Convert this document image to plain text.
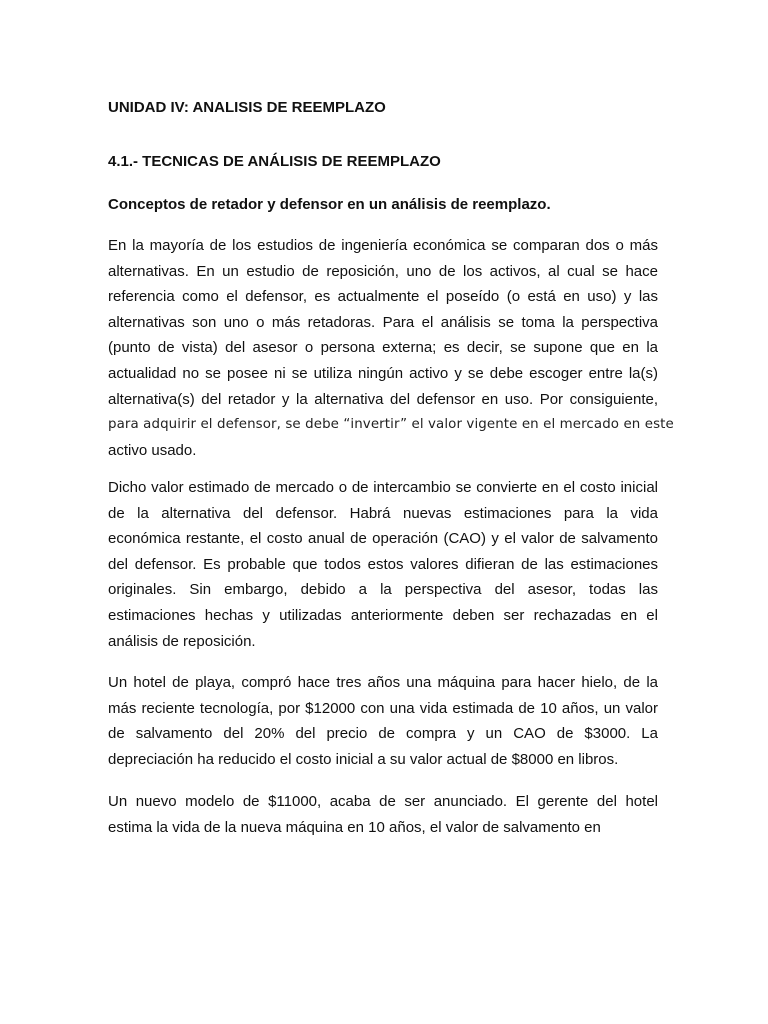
UNIDAD IV: ANALISIS DE REEMPLAZO
4.1.- TECNICAS DE ANÁLISIS DE REEMPLAZO
Conceptos de retador y defensor en un análisis de reemplazo.
En la mayoría de los estudios de ingeniería económica se comparan dos o más
alternativas. En un estudio de reposición, uno de los activos, al cual se hace
referencia como el defensor, es actualmente el poseído (o está en uso) y las
alternativas son uno o más retadoras. Para el análisis se toma la perspectiva
(punto de vista) del asesor o persona externa; es decir, se supone que en la
actualidad no se posee ni se utiliza ningún activo y se debe escoger entre la(s)
alternativa(s) del retador y la alternativa del defensor en uso. Por consiguiente,
para adquirir el defensor, se debe “invertir” el valor vigente en el mercado en este
activo usado.
Dicho valor estimado de mercado o de intercambio se convierte en el costo inicial
de la alternativa del defensor. Habrá nuevas estimaciones para la vida
económica restante, el costo anual de operación (CAO) y el valor de salvamento
del defensor. Es probable que todos estos valores difieran de las estimaciones
originales. Sin embargo, debido a la perspectiva del asesor, todas las
estimaciones hechas y utilizadas anteriormente deben ser rechazadas en el
análisis de reposición.
Un hotel de playa, compró hace tres años una máquina para hacer hielo, de la
más reciente tecnología, por $12000 con una vida estimada de 10 años, un valor
de salvamento del 20% del precio de compra y un CAO de $3000. La
depreciación ha reducido el costo inicial a su valor actual de $8000 en libros.
Un nuevo modelo de $11000, acaba de ser anunciado. El gerente del hotel
estima la vida de la nueva máquina en 10 años, el valor de salvamento en
